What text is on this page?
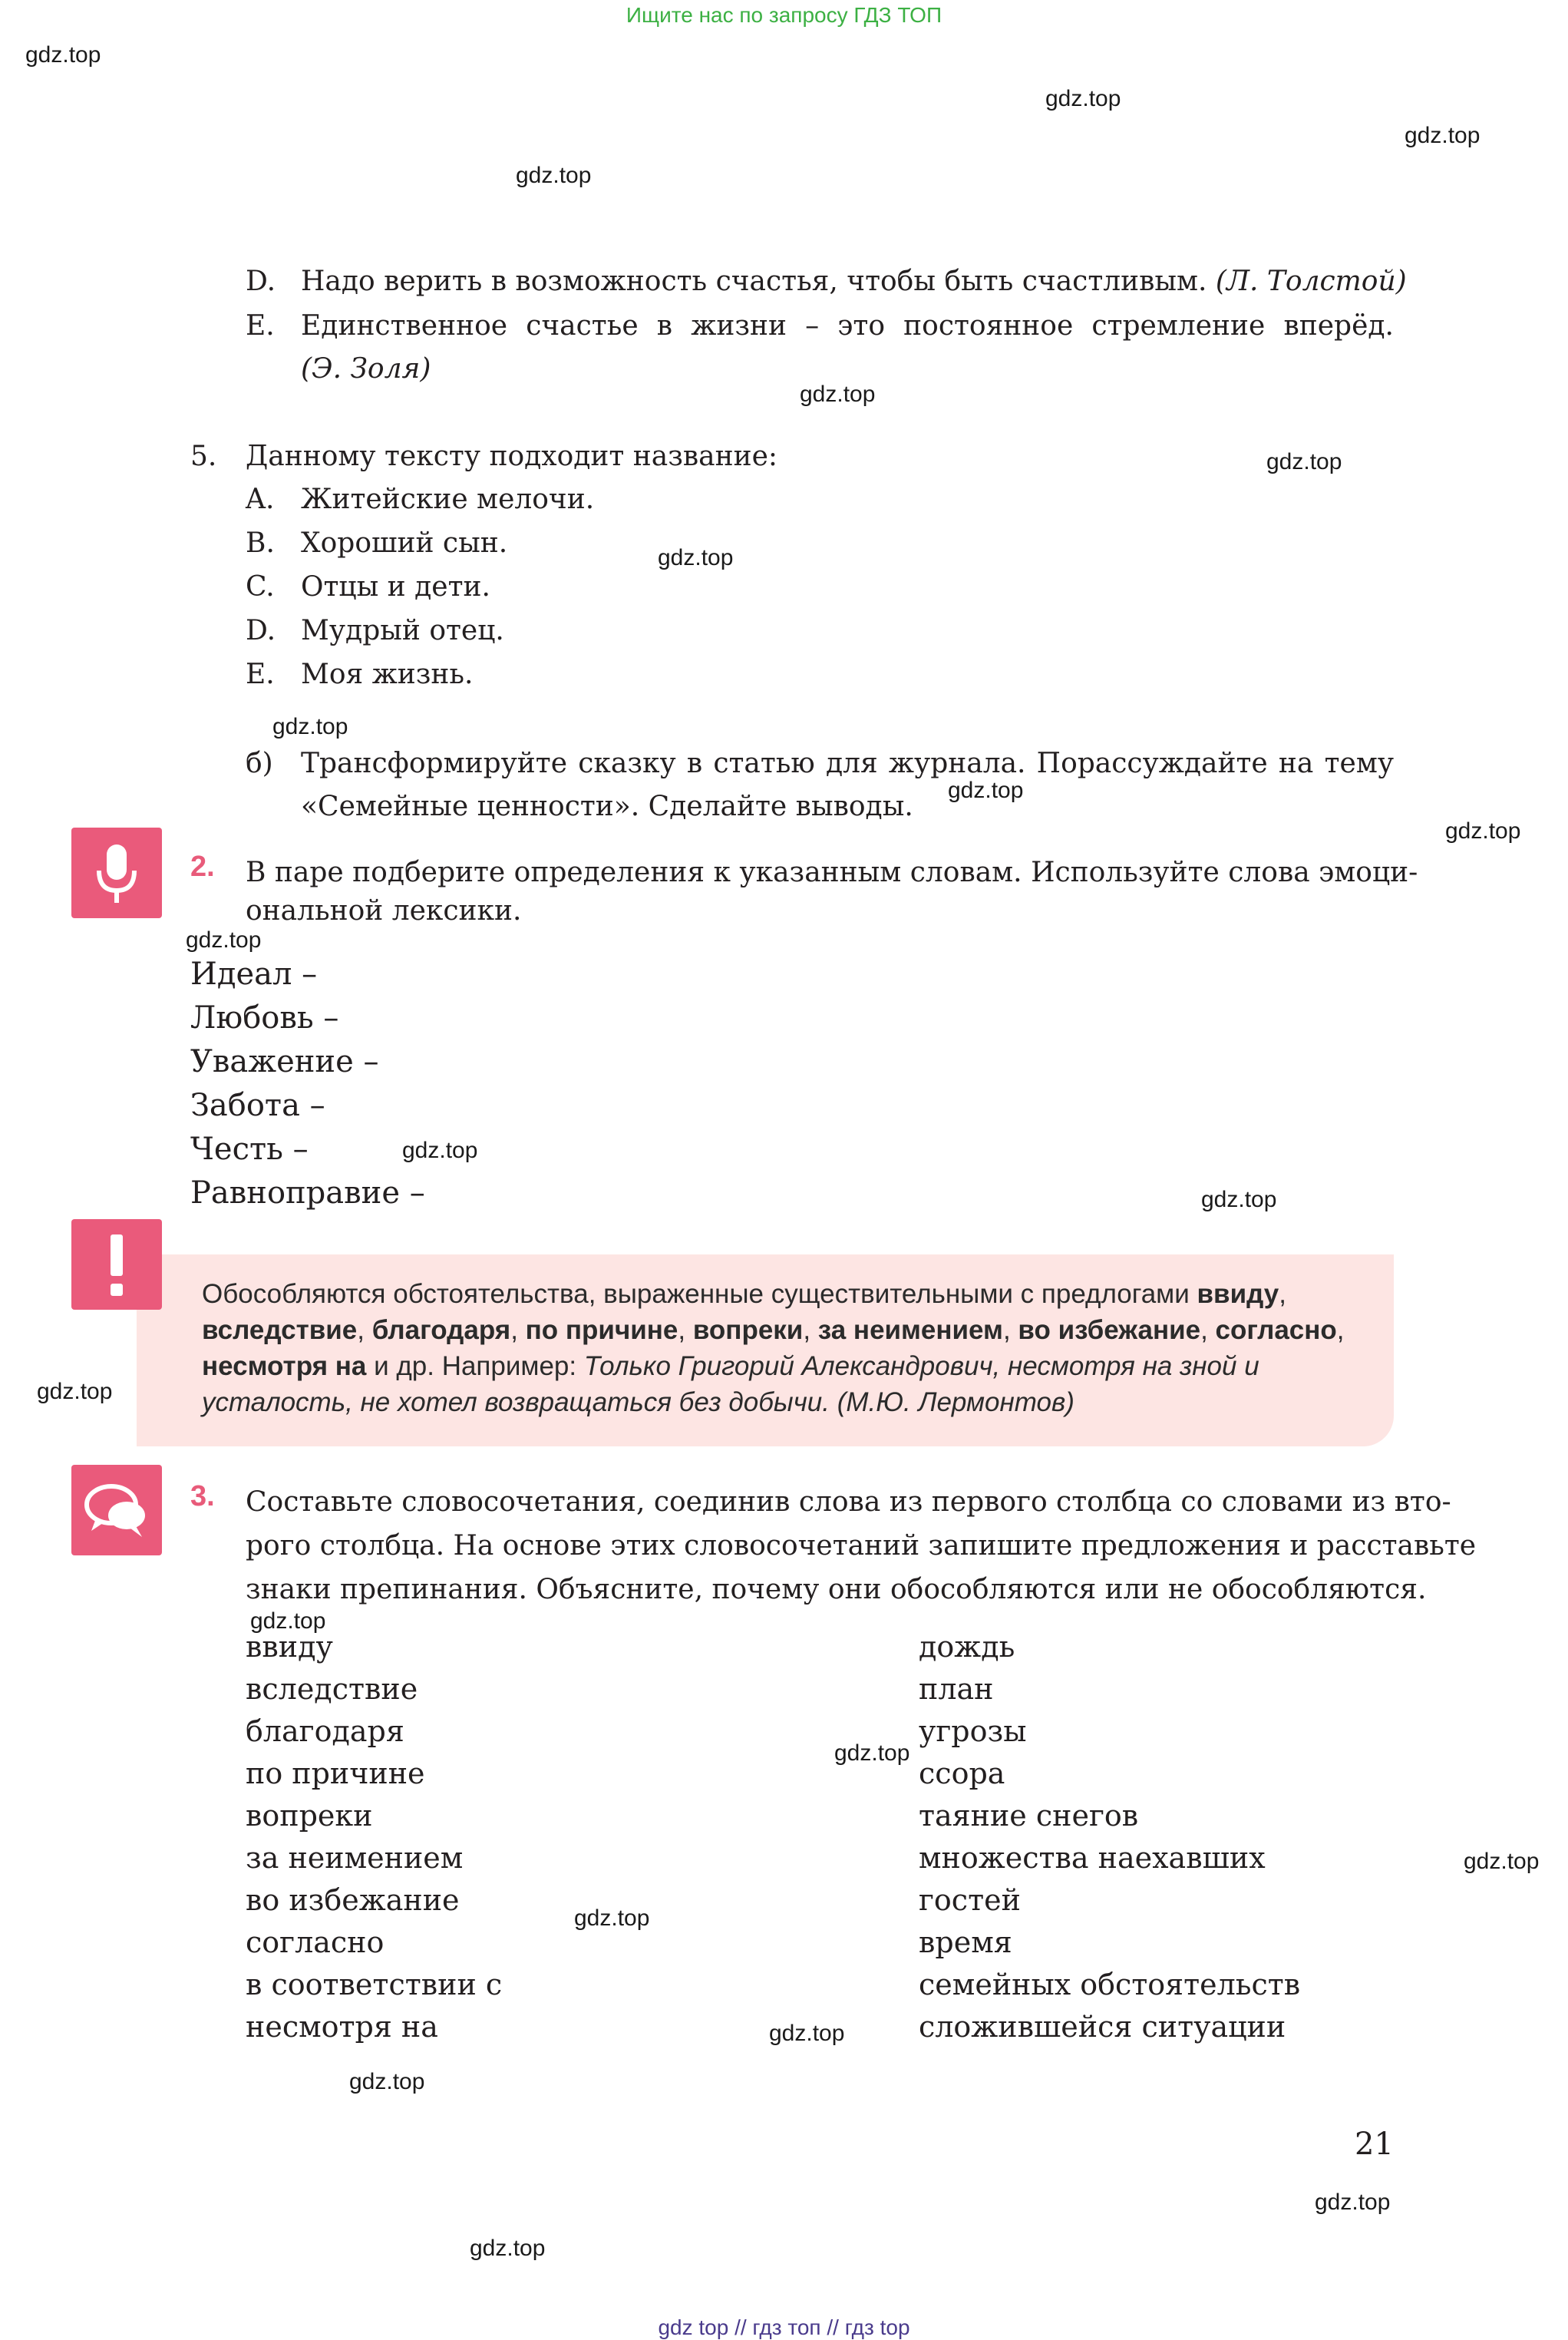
Ищите нас по запросу ГДЗ ТОП
gdz.top
gdz.top
gdz.top
gdz.top
gdz.top
gdz.top
gdz.top
gdz.top
gdz.top
gdz.top
gdz.top
gdz.top
gdz.top
gdz.top
gdz.top
gdz.top
gdz.top
gdz.top
gdz.top
gdz.top
gdz.top
gdz.top
D. Надо верить в возможность счастья, чтобы быть счастливым. (Л. Толстой)
E. Единственное счастье в жизни – это постоянное стремление вперёд.
(Э. Золя)
5. Данному тексту подходит название:
A. Житейские мелочи.
B. Хороший сын.
C. Отцы и дети.
D. Мудрый отец.
E. Моя жизнь.
б) Трансформируйте сказку в статью для журнала. Порассуждайте на тему
«Семейные ценности». Сделайте выводы.
2. В паре подберите определения к указанным словам. Используйте слова эмоци-
ональной лексики.
Идеал –
Любовь –
Уважение –
Забота –
Честь –
Равноправие –
Обособляются обстоятельства, выраженные существительными с предлогами ввиду, вследствие, благодаря, по причине, вопреки, за неимением, во избежание, согласно, несмотря на и др. Например: Только Григорий Александрович, несмотря на зной и усталость, не хотел возвращаться без добычи. (М.Ю. Лермонтов)
3. Составьте словосочетания, соединив слова из первого столбца со словами из вто-
рого столбца. На основе этих словосочетаний запишите предложения и расставьте
знаки препинания. Объясните, почему они обособляются или не обособляются.
ввиду
вследствие
благодаря
по причине
вопреки
за неимением
во избежание
согласно
в соответствии с
несмотря на
дождь
план
угрозы
ссора
таяние снегов
множества наехавших
гостей
время
семейных обстоятельств
сложившейся ситуации
21
gdz top // гдз топ // гдз top
